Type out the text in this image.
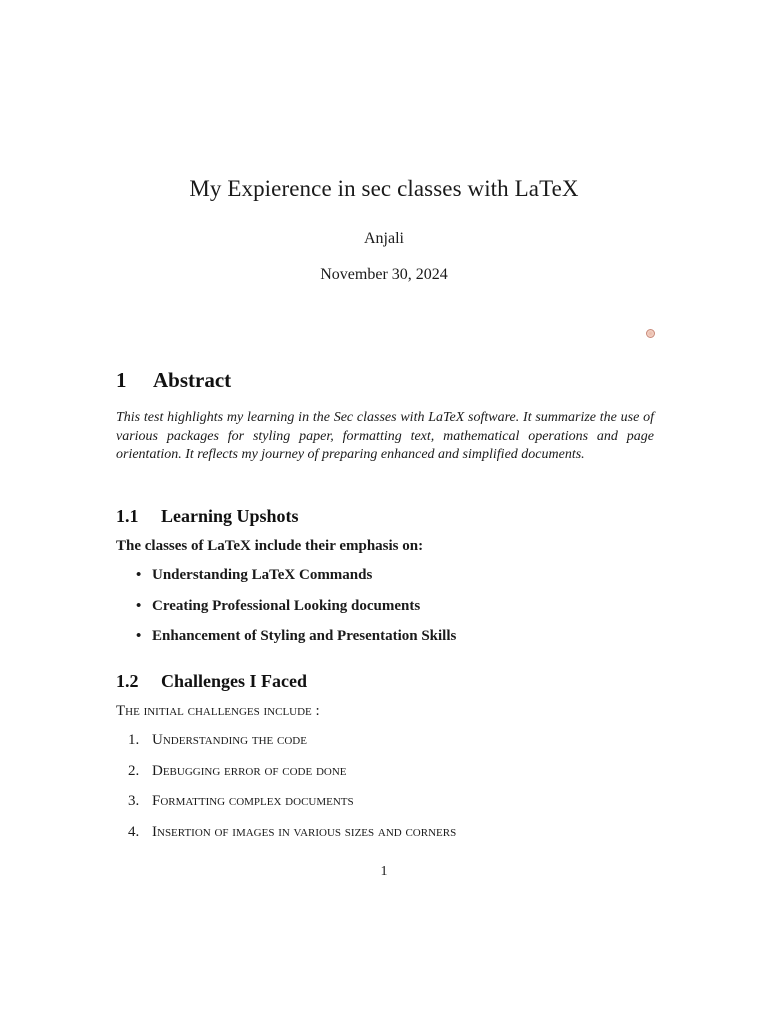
My Expierence in sec classes with LaTeX
Anjali
November 30, 2024
1 Abstract
This test highlights my learning in the Sec classes with LaTeX software. It summarize the use of various packages for styling paper, formatting text, mathematical operations and page orientation. It reflects my journey of preparing enhanced and simplified documents.
1.1 Learning Upshots
The classes of LaTeX include their emphasis on:
• Understanding LaTeX Commands
• Creating Professional Looking documents
• Enhancement of Styling and Presentation Skills
1.2 Challenges I Faced
The initial challenges include :
1. Understanding the code
2. Debugging error of code done
3. Formatting complex documents
4. Insertion of images in various sizes and corners
1
